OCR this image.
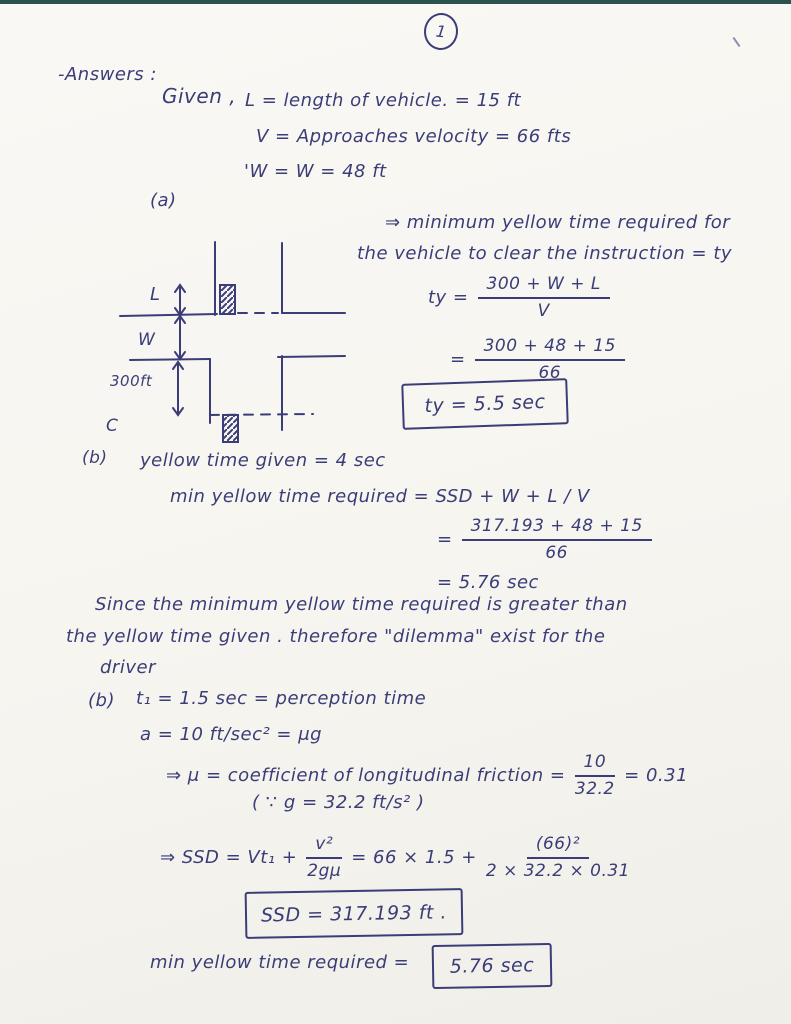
1
-Answers :
Given , L = length of vehicle. = 15 ft
V = Approaches velocity = 66 fts
'W = W = 48 ft
(a)
L
W
300ft
C
⇒ minimum yellow time required for
the vehicle to clear the instruction = ty
ty = $\frac{300 + W + L}{V}$
= $\frac{300 + 48 + 15}{66}$
ty = 5.5 sec
(b) yellow time given = 4 sec
min yellow time required = SSD + W + L / V
= $\frac{317.193 + 48 + 15}{66}$
= 5.76 sec
Since the minimum yellow time required is greater than
the yellow time given . therefore "dilemma" exist for the
driver
(b) t₁ = 1.5 sec = perception time
a = 10 ft/sec² = μg
⇒ μ = coefficient of longitudinal friction = $\frac{10}{32.2} = 0.31$
( ∵ g = 32.2 ft/s² )
⇒ SSD = $Vt_1 + \frac{\text{v²}}{2g\mu} = 66 \times 1.5 + \frac{\text{(66)²}}{2 \times 32.2 \times 0.31}$
SSD = 317.193 ft .
min yellow time required = 5.76 sec
